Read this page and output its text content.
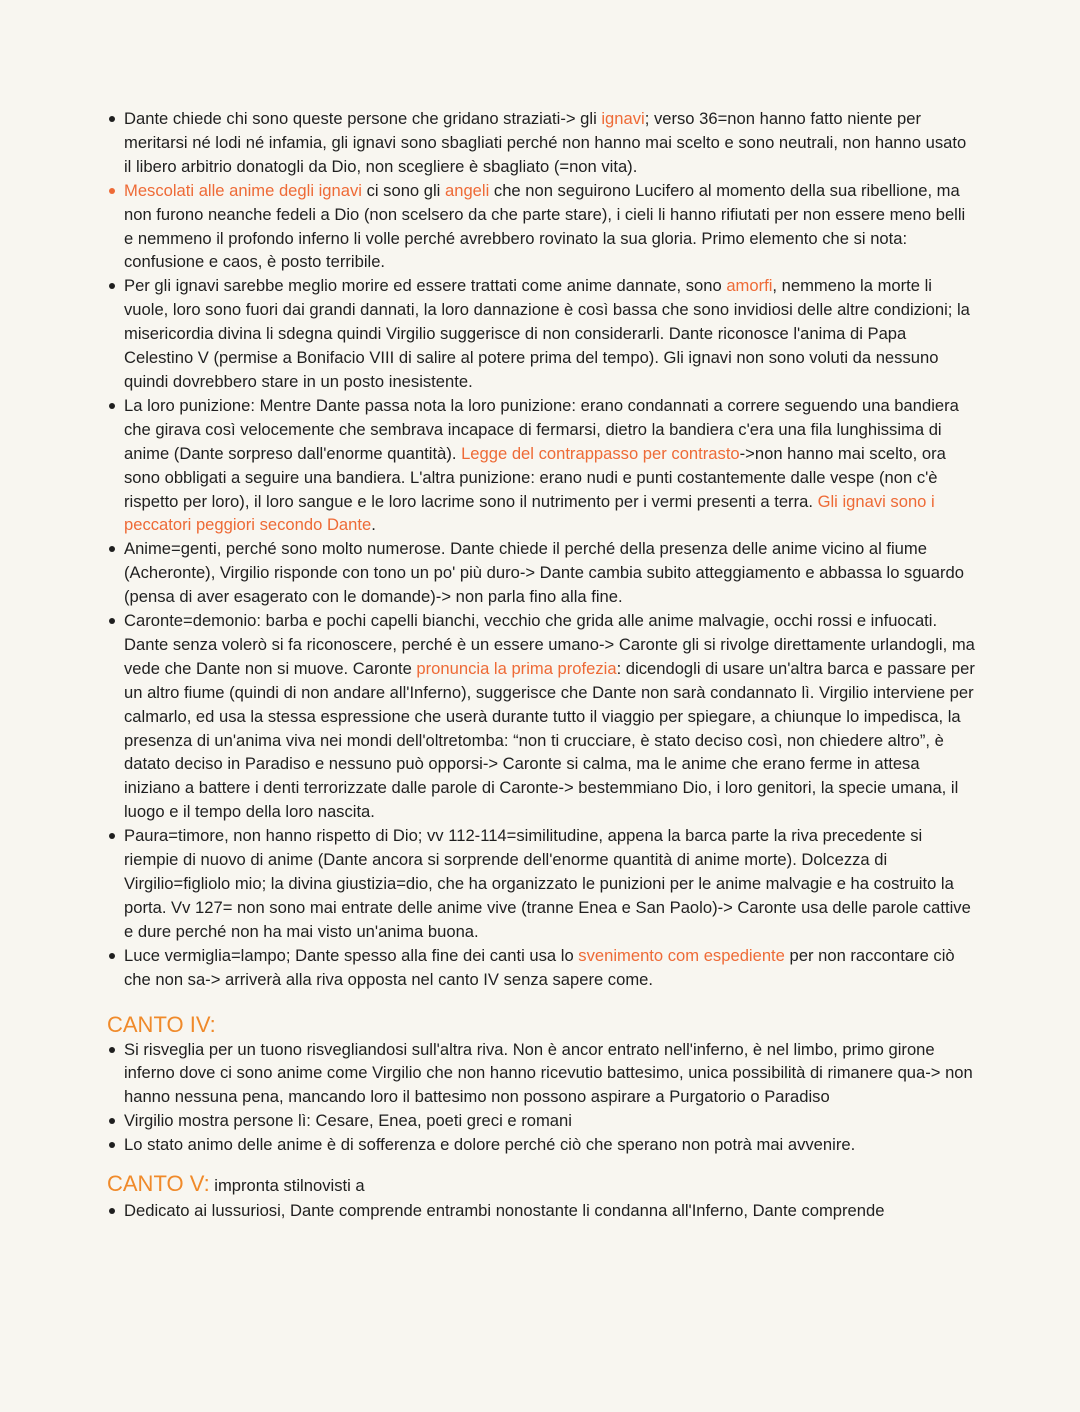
Dante chiede chi sono queste persone che gridano straziati-> gli ignavi; verso 36=non hanno fatto niente per meritarsi né lodi né infamia, gli ignavi sono sbagliati perché non hanno mai scelto e sono neutrali, non hanno usato il libero arbitrio donatogli da Dio, non scegliere è sbagliato (=non vita).
Mescolati alle anime degli ignavi ci sono gli angeli che non seguirono Lucifero al momento della sua ribellione, ma non furono neanche fedeli a Dio (non scelsero da che parte stare), i cieli li hanno rifiutati per non essere meno belli e nemmeno il profondo inferno li volle perché avrebbero rovinato la sua gloria. Primo elemento che si nota: confusione e caos, è posto terribile.
Per gli ignavi sarebbe meglio morire ed essere trattati come anime dannate, sono amorfi, nemmeno la morte li vuole, loro sono fuori dai grandi dannati, la loro dannazione è così bassa che sono invidiosi delle altre condizioni; la misericordia divina li sdegna quindi Virgilio suggerisce di non considerarli. Dante riconosce l'anima di Papa Celestino V (permise a Bonifacio VIII di salire al potere prima del tempo). Gli ignavi non sono voluti da nessuno quindi dovrebbero stare in un posto inesistente.
La loro punizione: Mentre Dante passa nota la loro punizione: erano condannati a correre seguendo una bandiera che girava così velocemente che sembrava incapace di fermarsi, dietro la bandiera c'era una fila lunghissima di anime (Dante sorpreso dall'enorme quantità). Legge del contrappasso per contrasto->non hanno mai scelto, ora sono obbligati a seguire una bandiera. L'altra punizione: erano nudi e punti costantemente dalle vespe (non c'è rispetto per loro), il loro sangue e le loro lacrime sono il nutrimento per i vermi presenti a terra. Gli ignavi sono i peccatori peggiori secondo Dante.
Anime=genti, perché sono molto numerose. Dante chiede il perché della presenza delle anime vicino al fiume (Acheronte), Virgilio risponde con tono un po' più duro-> Dante cambia subito atteggiamento e abbassa lo sguardo (pensa di aver esagerato con le domande)-> non parla fino alla fine.
Caronte=demonio: barba e pochi capelli bianchi, vecchio che grida alle anime malvagie, occhi rossi e infuocati. Dante senza volerò si fa riconoscere, perché è un essere umano-> Caronte gli si rivolge direttamente urlandogli, ma vede che Dante non si muove. Caronte pronuncia la prima profezia: dicendogli di usare un'altra barca e passare per un altro fiume (quindi di non andare all'Inferno), suggerisce che Dante non sarà condannato lì. Virgilio interviene per calmarlo, ed usa la stessa espressione che userà durante tutto il viaggio per spiegare, a chiunque lo impedisca, la presenza di un'anima viva nei mondi dell'oltretomba: “non ti crucciare, è stato deciso così, non chiedere altro”, è datato deciso in Paradiso e nessuno può opporsi-> Caronte si calma, ma le anime che erano ferme in attesa iniziano a battere i denti terrorizzate dalle parole di Caronte-> bestemmiano Dio, i loro genitori, la specie umana, il luogo e il tempo della loro nascita.
Paura=timore, non hanno rispetto di Dio; vv 112-114=similitudine, appena la barca parte la riva precedente si riempie di nuovo di anime (Dante ancora si sorprende dell'enorme quantità di anime morte). Dolcezza di Virgilio=figliolo mio; la divina giustizia=dio, che ha organizzato le punizioni per le anime malvagie e ha costruito la porta. Vv 127= non sono mai entrate delle anime vive (tranne Enea e San Paolo)-> Caronte usa delle parole cattive e dure perché non ha mai visto un'anima buona.
Luce vermiglia=lampo; Dante spesso alla fine dei canti usa lo svenimento com espediente per non raccontare ciò che non sa-> arriverà alla riva opposta nel canto IV senza sapere come.
CANTO IV:
Si risveglia per un tuono risvegliandosi sull'altra riva. Non è ancor entrato nell'inferno, è nel limbo, primo girone inferno dove ci sono anime come Virgilio che non hanno ricevutio battesimo, unica possibilità di rimanere qua-> non hanno nessuna pena, mancando loro il battesimo non possono aspirare a Purgatorio o Paradiso
Virgilio mostra persone lì: Cesare, Enea, poeti greci e romani
Lo stato animo delle anime è di sofferenza e dolore perché ciò che sperano non potrà mai avvenire.
CANTO V: impronta stilnovisti a
Dedicato ai lussuriosi, Dante comprende entrambi nonostante li condanna all'Inferno, Dante comprende
